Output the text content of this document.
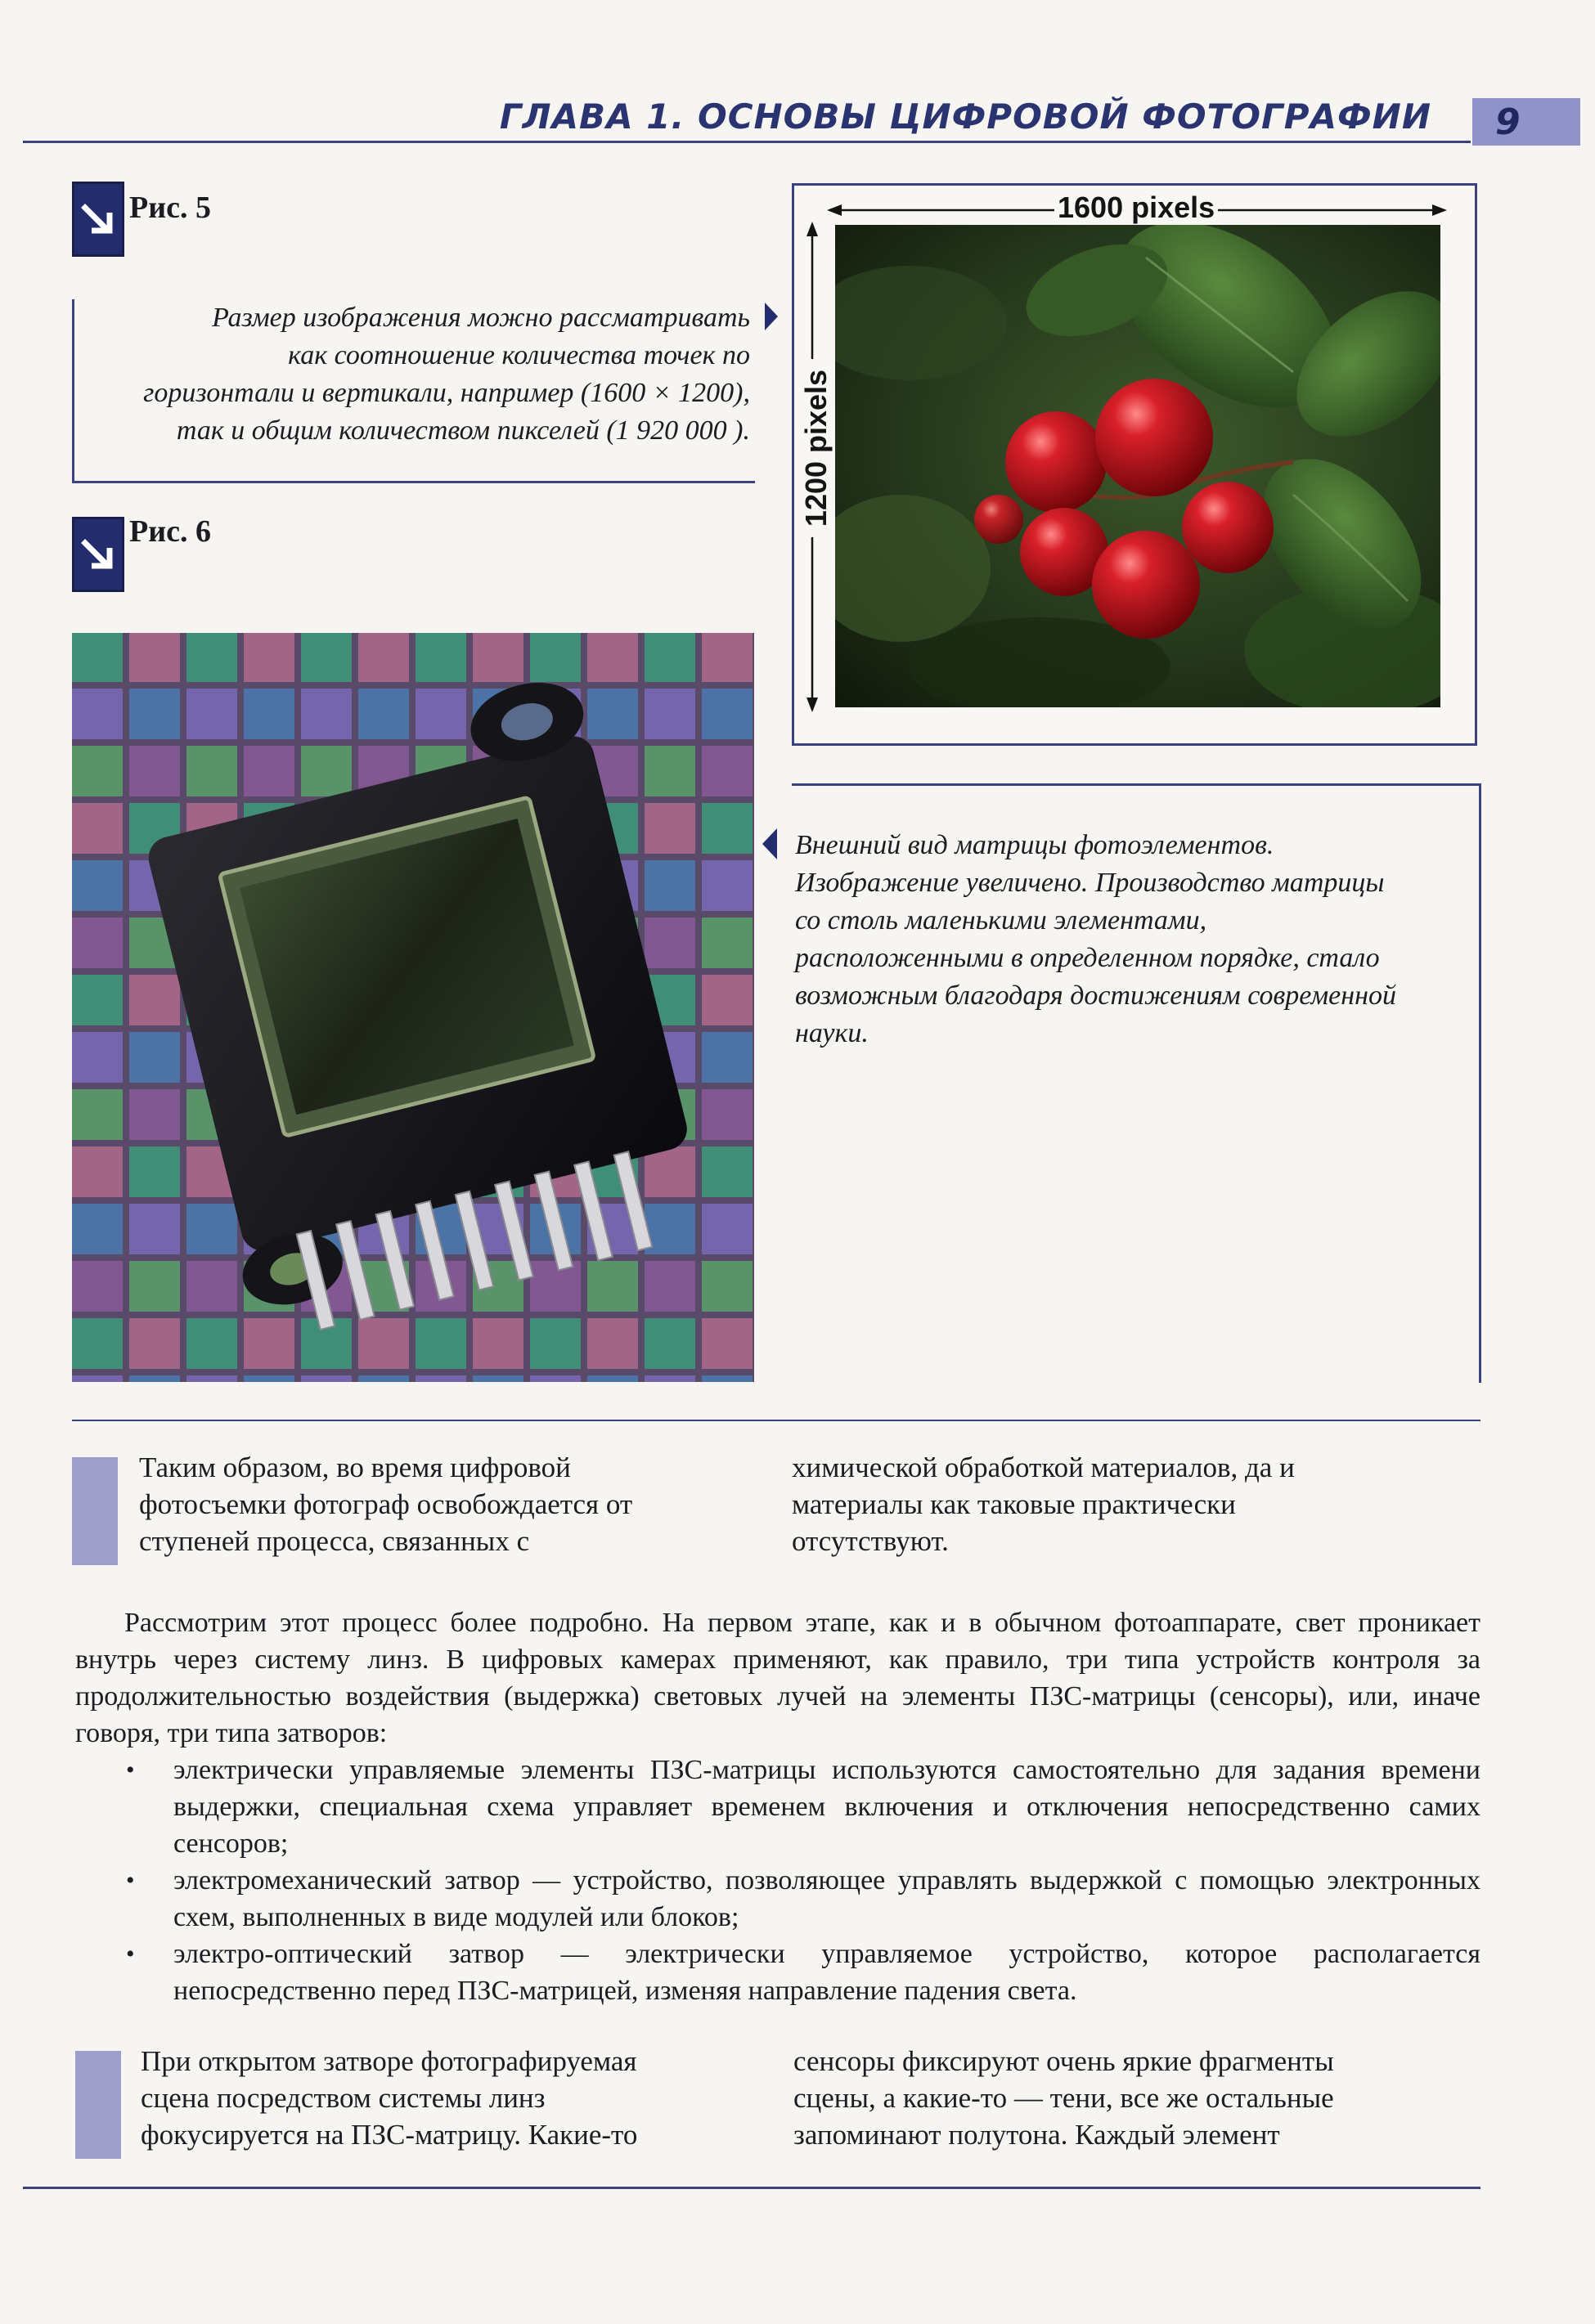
ГЛАВА 1. ОСНОВЫ ЦИФРОВОЙ ФОТОГРАФИИ 9
Рис. 5
Размер изображения можно рассматривать
как соотношение количества точек по
горизонтали и вертикали, например (1600 × 1200),
так и общим количеством пикселей (1 920 000 ).
1600 pixels
1200 pixels
Рис. 6
Внешний вид матрицы фотоэлементов.
Изображение увеличено. Производство матрицы
со столь маленькими элементами,
расположенными в определенном порядке, стало
возможным благодаря достижениям современной
науки.
Таким образом, во время цифровой
фотосъемки фотограф освобождается от
ступеней процесса, связанных с
химической обработкой материалов, да и
материалы как таковые практически
отсутствуют.
Рассмотрим этот процесс более подробно. На первом этапе, как и в обычном фотоаппарате, свет проникает внутрь через систему линз. В цифровых камерах применяют, как правило, три типа устройств контроля за продолжительностью воздействия (выдержка) световых лучей на элементы ПЗС-матрицы (сенсоры), или, иначе говоря, три типа затворов:
• электрически управляемые элементы ПЗС-матрицы используются самостоятельно для задания времени выдержки, специальная схема управляет временем включения и отключения непосредственно самих сенсоров;
• электромеханический затвор — устройство, позволяющее управлять выдержкой с помощью электронных схем, выполненных в виде модулей или блоков;
• электро-оптический затвор — электрически управляемое устройство, которое располагается непосредственно перед ПЗС-матрицей, изменяя направление падения света.
При открытом затворе фотографируемая
сцена посредством системы линз
фокусируется на ПЗС-матрицу. Какие-то
сенсоры фиксируют очень яркие фрагменты
сцены, а какие-то — тени, все же остальные
запоминают полутона. Каждый элемент
